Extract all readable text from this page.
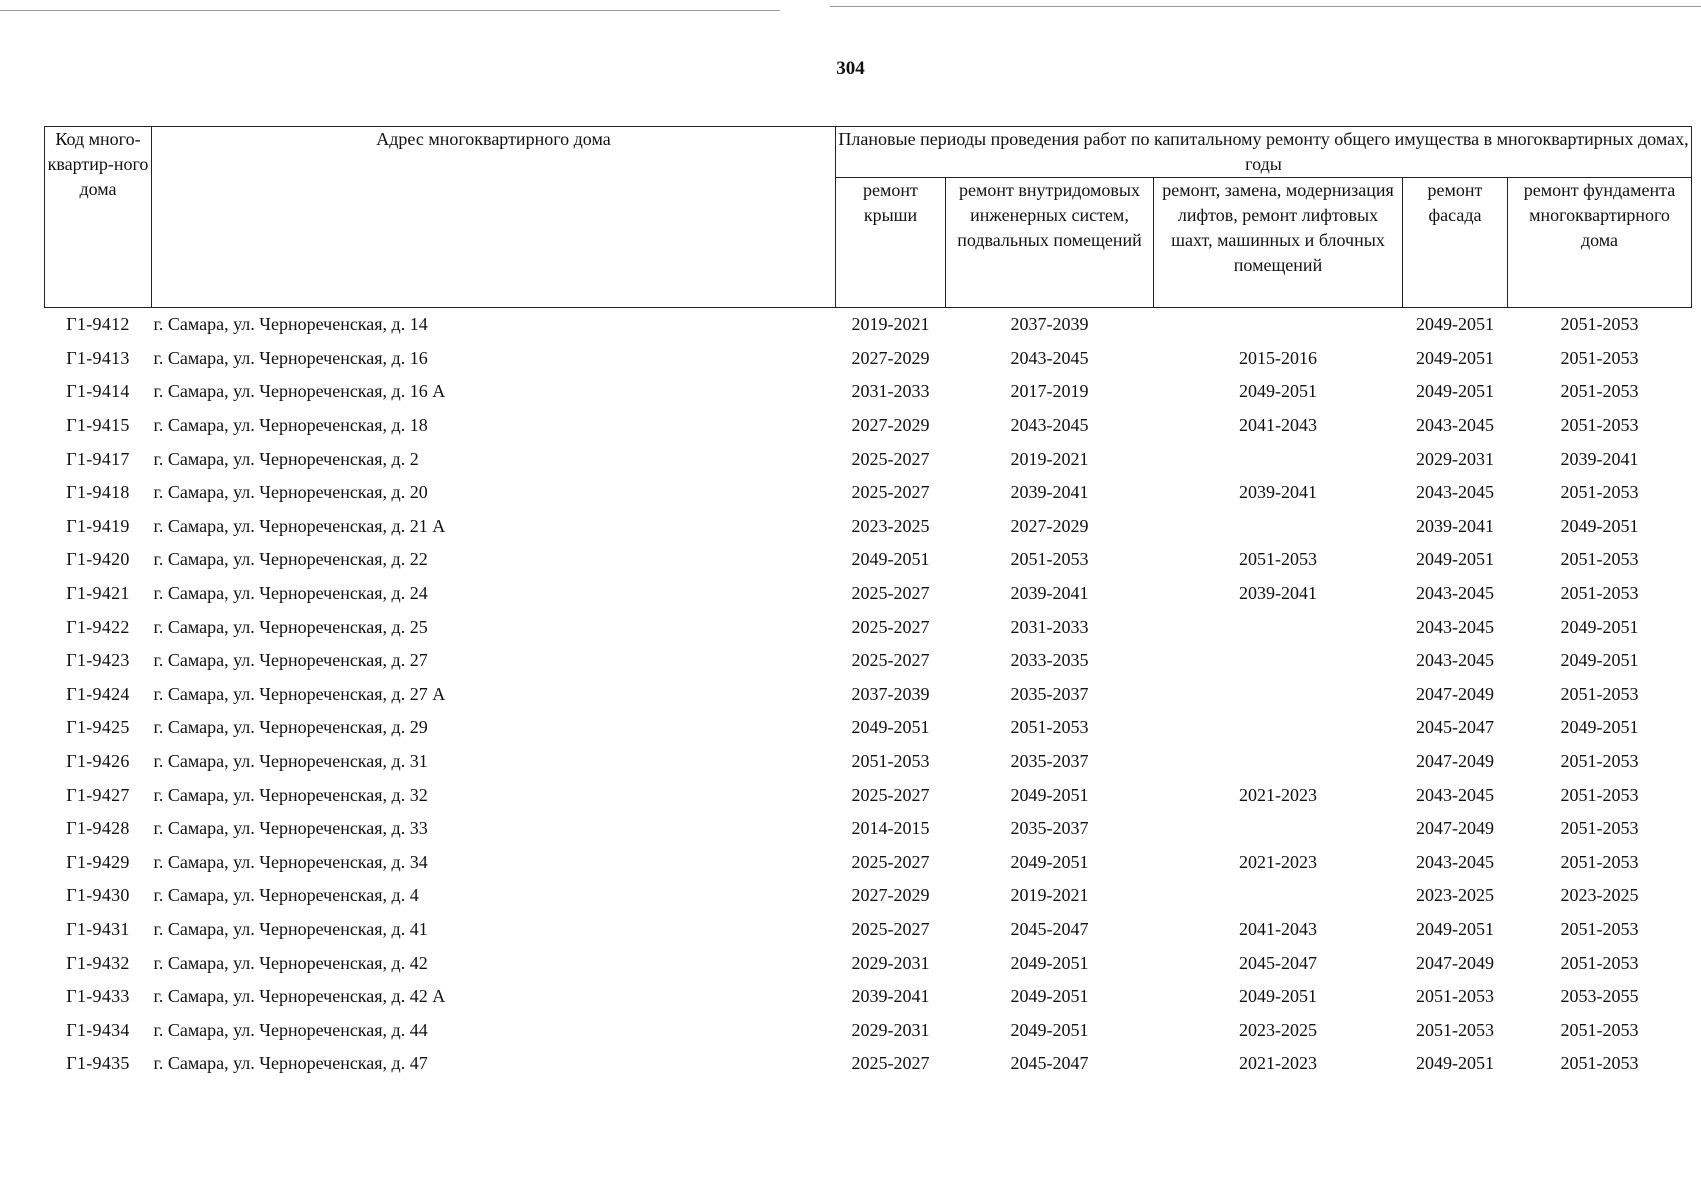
304
Код много-квартир-ного дома	Адрес многоквартирного дома	Плановые периоды проведения работ по капитальному ремонту общего имущества в многоквартирных домах, годы				
		ремонт крыши	ремонт внутридомовых инженерных систем, подвальных помещений	ремонт, замена, модернизация лифтов, ремонт лифтовых шахт, машинных и блочных помещений	ремонт фасада	ремонт фундамента многоквартирного дома
Г1-9412	г. Самара, ул. Чернореченская, д. 14	2019-2021	2037-2039		2049-2051	2051-2053
Г1-9413	г. Самара, ул. Чернореченская, д. 16	2027-2029	2043-2045	2015-2016	2049-2051	2051-2053
Г1-9414	г. Самара, ул. Чернореченская, д. 16 А	2031-2033	2017-2019	2049-2051	2049-2051	2051-2053
Г1-9415	г. Самара, ул. Чернореченская, д. 18	2027-2029	2043-2045	2041-2043	2043-2045	2051-2053
Г1-9417	г. Самара, ул. Чернореченская, д. 2	2025-2027	2019-2021		2029-2031	2039-2041
Г1-9418	г. Самара, ул. Чернореченская, д. 20	2025-2027	2039-2041	2039-2041	2043-2045	2051-2053
Г1-9419	г. Самара, ул. Чернореченская, д. 21 А	2023-2025	2027-2029		2039-2041	2049-2051
Г1-9420	г. Самара, ул. Чернореченская, д. 22	2049-2051	2051-2053	2051-2053	2049-2051	2051-2053
Г1-9421	г. Самара, ул. Чернореченская, д. 24	2025-2027	2039-2041	2039-2041	2043-2045	2051-2053
Г1-9422	г. Самара, ул. Чернореченская, д. 25	2025-2027	2031-2033		2043-2045	2049-2051
Г1-9423	г. Самара, ул. Чернореченская, д. 27	2025-2027	2033-2035		2043-2045	2049-2051
Г1-9424	г. Самара, ул. Чернореченская, д. 27 А	2037-2039	2035-2037		2047-2049	2051-2053
Г1-9425	г. Самара, ул. Чернореченская, д. 29	2049-2051	2051-2053		2045-2047	2049-2051
Г1-9426	г. Самара, ул. Чернореченская, д. 31	2051-2053	2035-2037		2047-2049	2051-2053
Г1-9427	г. Самара, ул. Чернореченская, д. 32	2025-2027	2049-2051	2021-2023	2043-2045	2051-2053
Г1-9428	г. Самара, ул. Чернореченская, д. 33	2014-2015	2035-2037		2047-2049	2051-2053
Г1-9429	г. Самара, ул. Чернореченская, д. 34	2025-2027	2049-2051	2021-2023	2043-2045	2051-2053
Г1-9430	г. Самара, ул. Чернореченская, д. 4	2027-2029	2019-2021		2023-2025	2023-2025
Г1-9431	г. Самара, ул. Чернореченская, д. 41	2025-2027	2045-2047	2041-2043	2049-2051	2051-2053
Г1-9432	г. Самара, ул. Чернореченская, д. 42	2029-2031	2049-2051	2045-2047	2047-2049	2051-2053
Г1-9433	г. Самара, ул. Чернореченская, д. 42 А	2039-2041	2049-2051	2049-2051	2051-2053	2053-2055
Г1-9434	г. Самара, ул. Чернореченская, д. 44	2029-2031	2049-2051	2023-2025	2051-2053	2051-2053
Г1-9435	г. Самара, ул. Чернореченская, д. 47	2025-2027	2045-2047	2021-2023	2049-2051	2051-2053
